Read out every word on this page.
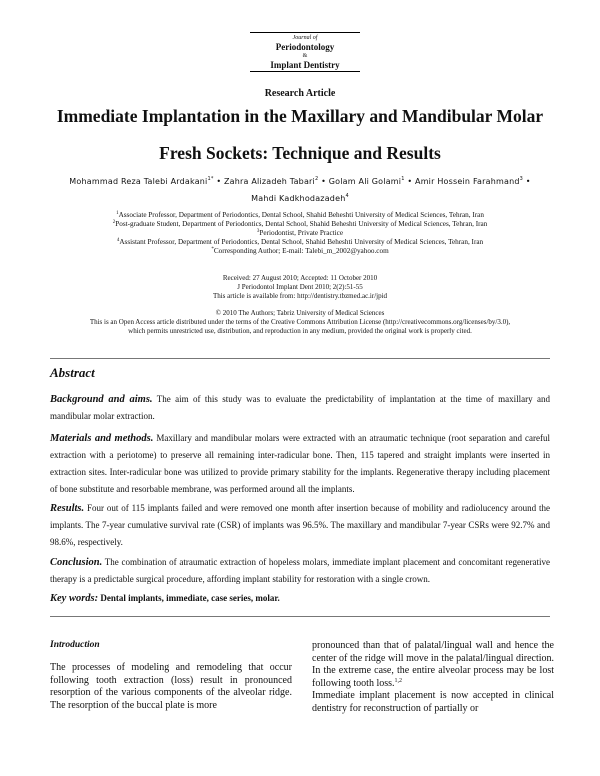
Journal of
Periodontology
&
Implant Dentistry
Research Article
Immediate Implantation in the Maxillary and Mandibular Molar
Fresh Sockets: Technique and Results
Mohammad Reza Talebi Ardakani$^{1*}$ • Zahra Alizadeh Tabari$^2$ • Golam Ali Golami$^1$ • Amir Hossein Farahmand$^3$ •
Mahdi Kadkhodazadeh$^4$
$^1$Associate Professor, Department of Periodontics, Dental School, Shahid Beheshti University of Medical Sciences, Tehran, Iran
$^2$Post-graduate Student, Department of Periodontics, Dental School, Shahid Beheshti University of Medical Sciences, Tehran, Iran
$^3$Periodontist, Private Practice
$^4$Assistant Professor, Department of Periodontics, Dental School, Shahid Beheshti University of Medical Sciences, Tehran, Iran
*Corresponding Author; E-mail: Talebi_m_2002@yahoo.com
Received: 27 August 2010; Accepted: 11 October 2010
J Periodontol Implant Dent 2010; 2(2):51-55
This article is available from: http://dentistry.tbzmed.ac.ir/jpid
© 2010 The Authors; Tabriz University of Medical Sciences
This is an Open Access article distributed under the terms of the Creative Commons Attribution License (http://creativecommons.org/licenses/by/3.0),
which permits unrestricted use, distribution, and reproduction in any medium, provided the original work is properly cited.
Abstract
Background and aims. The aim of this study was to evaluate the predictability of implantation at the time of maxillary and mandibular molar extraction.
Materials and methods. Maxillary and mandibular molars were extracted with an atraumatic technique (root separation and careful extraction with a periotome) to preserve all remaining inter-radicular bone. Then, 115 tapered and straight implants were inserted in extraction sites. Inter-radicular bone was utilized to provide primary stability for the implants. Regenerative therapy including placement of bone substitute and resorbable membrane, was performed around all the implants.
Results. Four out of 115 implants failed and were removed one month after insertion because of mobility and radiolucency around the implants. The 7-year cumulative survival rate (CSR) of implants was 96.5%. The maxillary and mandibular 7-year CSRs were 92.7% and 98.6%, respectively.
Conclusion. The combination of atraumatic extraction of hopeless molars, immediate implant placement and concomitant regenerative therapy is a predictable surgical procedure, affording implant stability for restoration with a single crown.
Key words: Dental implants, immediate, case series, molar.
Introduction
The processes of modeling and remodeling that occur following tooth extraction (loss) result in pronounced resorption of the various components of the alveolar ridge. The resorption of the buccal plate is more
pronounced than that of palatal/lingual wall and hence the center of the ridge will move in the palatal/lingual direction. In the extreme case, the entire alveolar process may be lost following tooth loss.$^{1,2}$
Immediate implant placement is now accepted in clinical dentistry for reconstruction of partially or
